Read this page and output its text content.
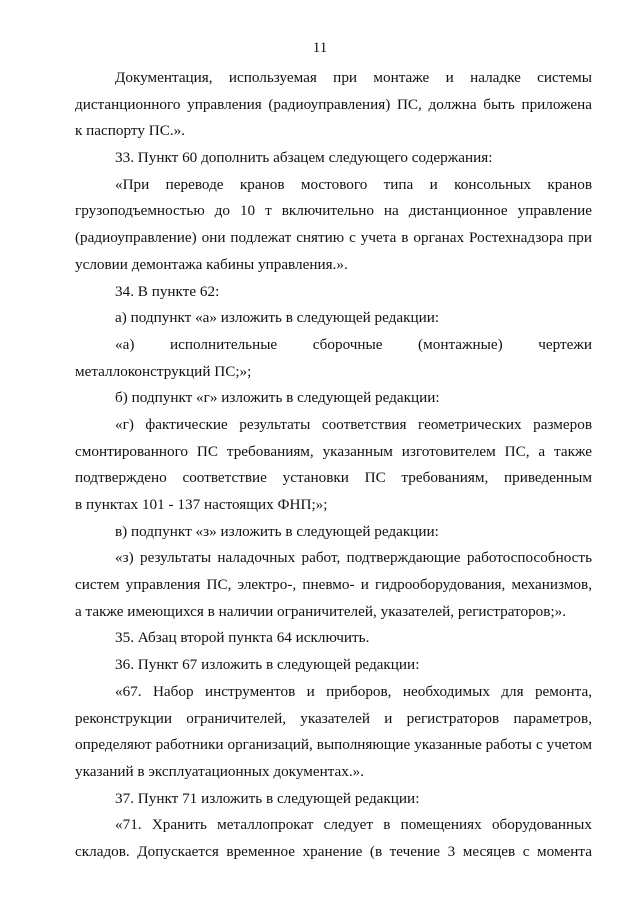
11
Документация, используемая при монтаже и наладке системы
дистанционного управления (радиоуправления) ПС, должна быть приложена
к паспорту ПС.».
33. Пункт 60 дополнить абзацем следующего содержания:
«При переводе кранов мостового типа и консольных кранов
грузоподъемностью до 10 т включительно на дистанционное управление
(радиоуправление) они подлежат снятию с учета в органах Ростехнадзора при
условии демонтажа кабины управления.».
34. В пункте 62:
а) подпункт «а» изложить в следующей редакции:
«а) исполнительные сборочные (монтажные) чертежи
металлоконструкций ПС;»;
б) подпункт «г» изложить в следующей редакции:
«г) фактические результаты соответствия геометрических размеров
смонтированного ПС требованиям, указанным изготовителем ПС, а также
подтверждено соответствие установки ПС требованиям, приведенным
в пунктах 101 - 137 настоящих ФНП;»;
в) подпункт «з» изложить в следующей редакции:
«з) результаты наладочных работ, подтверждающие работоспособность
систем управления ПС, электро-, пневмо- и гидрооборудования, механизмов,
а также имеющихся в наличии ограничителей, указателей, регистраторов;».
35. Абзац второй пункта 64 исключить.
36. Пункт 67 изложить в следующей редакции:
«67. Набор инструментов и приборов, необходимых для ремонта,
реконструкции ограничителей, указателей и регистраторов параметров,
определяют работники организаций, выполняющие указанные работы с учетом
указаний в эксплуатационных документах.».
37. Пункт 71 изложить в следующей редакции:
«71. Хранить металлопрокат следует в помещениях оборудованных
складов. Допускается временное хранение (в течение 3 месяцев с момента
